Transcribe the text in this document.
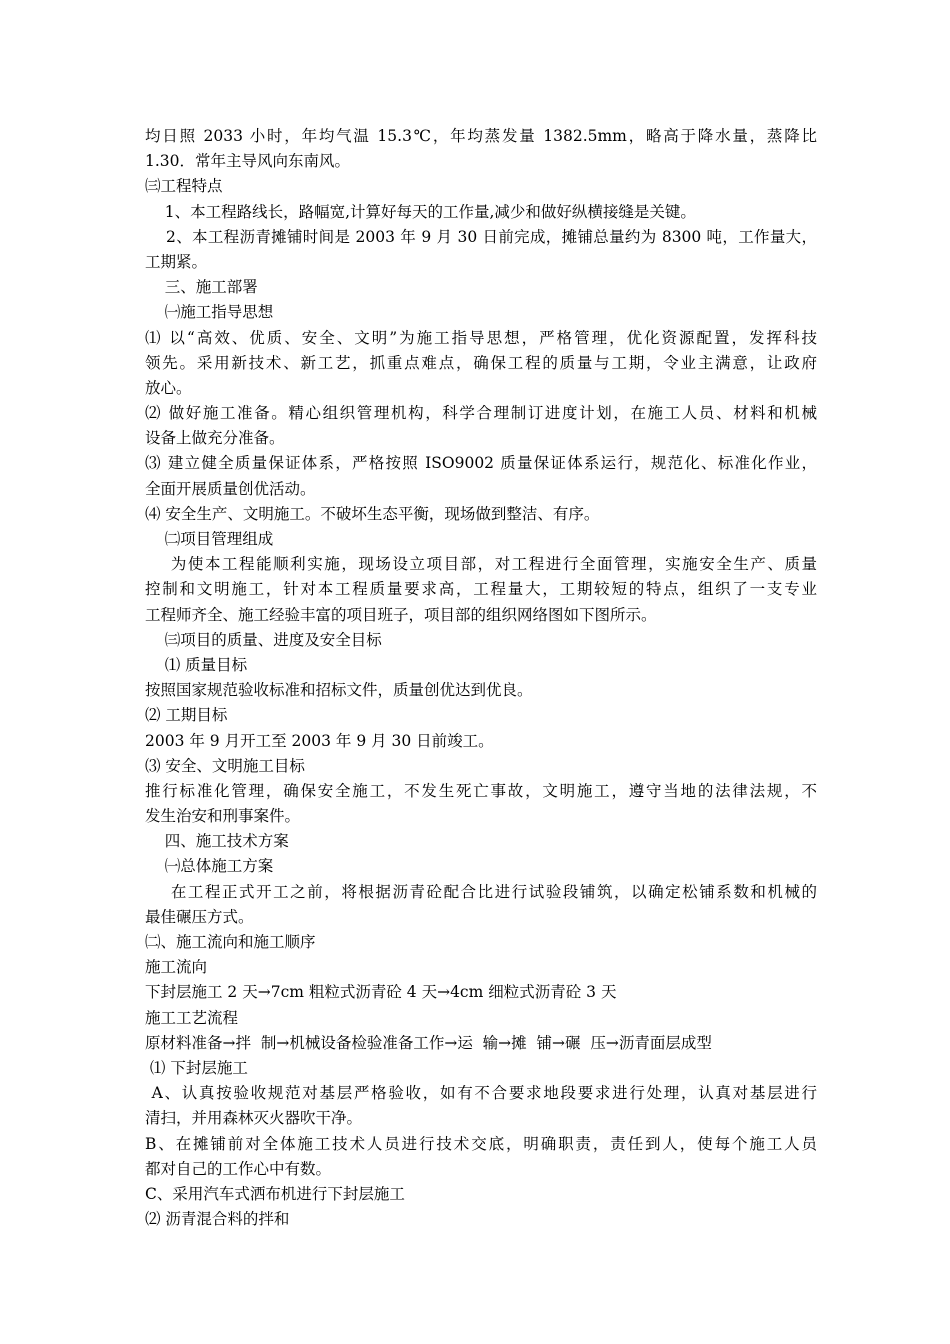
均日照 2033 小时，年均气温 15.3℃，年均蒸发量 1382.5mm，略高于降水量，蒸降比
1.30．常年主导风向东南风。
㈢工程特点
1、本工程路线长，路幅宽,计算好每天的工作量,减少和做好纵横接缝是关键。
2、本工程沥青摊铺时间是 2003 年 9 月 30 日前完成，摊铺总量约为 8300 吨，工作量大，
工期紧。
三、施工部署
㈠施工指导思想
⑴ 以“高效、优质、安全、文明”为施工指导思想，严格管理，优化资源配置，发挥科技
领先。采用新技术、新工艺，抓重点难点，确保工程的质量与工期，令业主满意，让政府
放心。
⑵ 做好施工准备。精心组织管理机构，科学合理制订进度计划，在施工人员、材料和机械
设备上做充分准备。
⑶ 建立健全质量保证体系，严格按照 ISO9002 质量保证体系运行，规范化、标准化作业，
全面开展质量创优活动。
⑷ 安全生产、文明施工。不破坏生态平衡，现场做到整洁、有序。
㈡项目管理组成
为使本工程能顺利实施，现场设立项目部，对工程进行全面管理，实施安全生产、质量
控制和文明施工，针对本工程质量要求高，工程量大，工期较短的特点，组织了一支专业
工程师齐全、施工经验丰富的项目班子，项目部的组织网络图如下图所示。
㈢项目的质量、进度及安全目标
⑴ 质量目标
按照国家规范验收标准和招标文件，质量创优达到优良。
⑵ 工期目标
2003 年 9 月开工至 2003 年 9 月 30 日前竣工。
⑶ 安全、文明施工目标
推行标准化管理，确保安全施工，不发生死亡事故，文明施工，遵守当地的法律法规，不
发生治安和刑事案件。
四、施工技术方案
㈠总体施工方案
在工程正式开工之前，将根据沥青砼配合比进行试验段铺筑，以确定松铺系数和机械的
最佳碾压方式。
㈡、施工流向和施工顺序
施工流向
下封层施工 2 天→7cm 粗粒式沥青砼 4 天→4cm 细粒式沥青砼 3 天
施工工艺流程
原材料准备→拌  制→机械设备检验准备工作→运  输→摊  铺→碾  压→沥青面层成型
⑴ 下封层施工
A、认真按验收规范对基层严格验收，如有不合要求地段要求进行处理，认真对基层进行
清扫，并用森林灭火器吹干净。
B、在摊铺前对全体施工技术人员进行技术交底，明确职责，责任到人，使每个施工人员
都对自己的工作心中有数。
C、采用汽车式洒布机进行下封层施工
⑵ 沥青混合料的拌和
